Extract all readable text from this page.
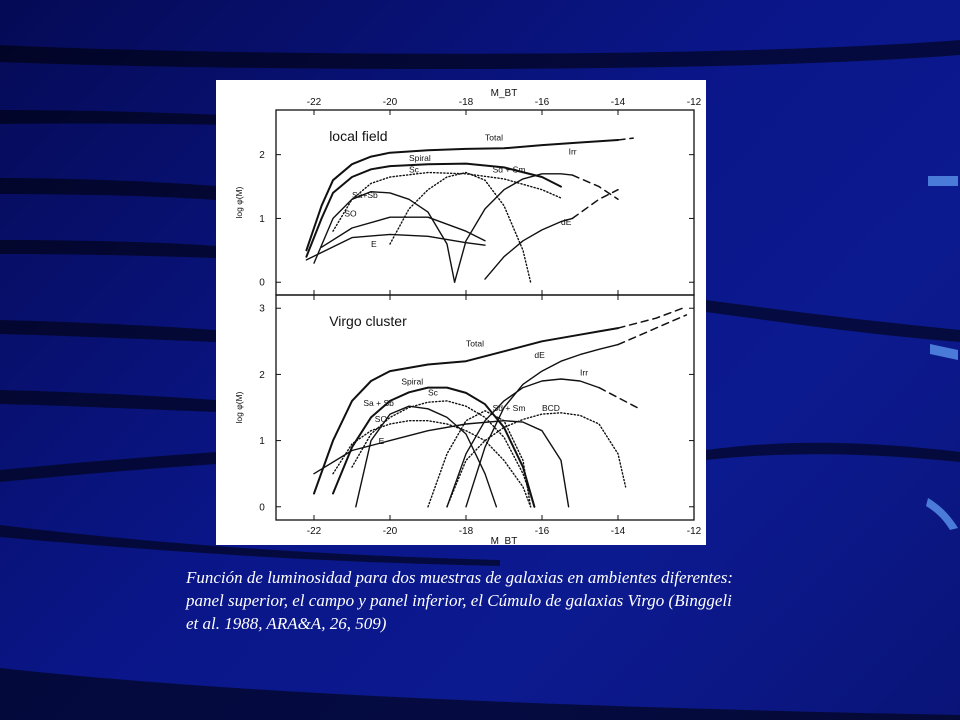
-22	-20	-18	-16	-14	-12
0
1
2
log φ(M)
M_BT
local field	Total
Spiral
Sc	Sd + Sm
Irr
Sa+Sb
SO
dE
E
-22	-20	-18	-16	-14	-12
0
1
2
3
log φ(M)
M_BT
Virgo cluster
Total
dE
Spiral
Irr
Sc
Sa + Sb	Sd + Sm BCD
SO
E

Función de luminosidad para dos muestras de galaxias en ambientes diferentes: panel superior, el campo y panel inferior, el Cúmulo de galaxias Virgo (Binggeli et al. 1988, ARA&A, 26, 509)
